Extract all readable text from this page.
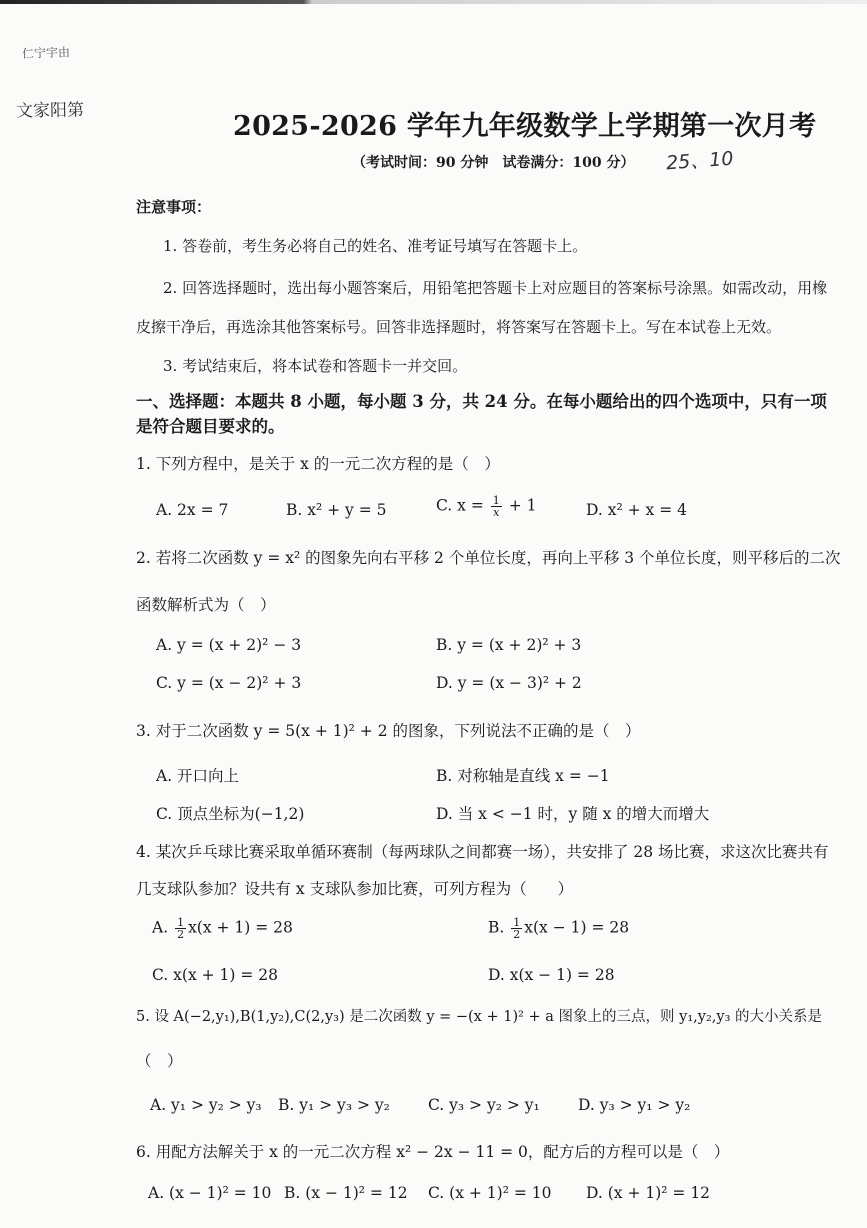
仁宁宇由
文家阳第
2025-2026 学年九年级数学上学期第一次月考
（考试时间：90 分钟　试卷满分：100 分） 25、10
注意事项：
1. 答卷前，考生务必将自己的姓名、准考证号填写在答题卡上。
2. 回答选择题时，选出每小题答案后，用铅笔把答题卡上对应题目的答案标号涂黑。如需改动，用橡
皮擦干净后，再选涂其他答案标号。回答非选择题时，将答案写在答题卡上。写在本试卷上无效。
3. 考试结束后，将本试卷和答题卡一并交回。
一、选择题：本题共 8 小题，每小题 3 分，共 24 分。在每小题给出的四个选项中，只有一项
是符合题目要求的。
1. 下列方程中，是关于 x 的一元二次方程的是（　）
A. 2x = 7	B. x² + y = 5	C. $x = \frac{1}{x} + 1$	D. x² + x = 4
2. 若将二次函数 y = x² 的图象先向右平移 2 个单位长度，再向上平移 3 个单位长度，则平移后的二次
函数解析式为（　）
A. y = (x + 2)² − 3	B. y = (x + 2)² + 3
C. y = (x − 2)² + 3	D. y = (x − 3)² + 2
3. 对于二次函数 y = 5(x + 1)² + 2 的图象，下列说法不正确的是（　）
A. 开口向上	B. 对称轴是直线 x = −1
C. 顶点坐标为(−1,2)	D. 当 x < −1 时，y 随 x 的增大而增大
4. 某次乒乓球比赛采取单循环赛制（每两球队之间都赛一场），共安排了 28 场比赛，求这次比赛共有
几支球队参加？设共有 x 支球队参加比赛，可列方程为（　　）
A. $\frac{1}{2} x(x + 1) = 28$	B. $\frac{1}{2} x(x - 1) = 28$
C. x(x + 1) = 28	D. x(x − 1) = 28
5. 设 A(−2,y₁),B(1,y₂),C(2,y₃) 是二次函数 y = −(x + 1)² + a 图象上的三点，则 y₁,y₂,y₃ 的大小关系是
（　）
A. y₁ > y₂ > y₃ B. y₁ > y₃ > y₂ C. y₃ > y₂ > y₁ D. y₃ > y₁ > y₂
6. 用配方法解关于 x 的一元二次方程 x² − 2x − 11 = 0，配方后的方程可以是（　）
A. (x − 1)² = 10 B. (x − 1)² = 12 C. (x + 1)² = 10 D. (x + 1)² = 12
